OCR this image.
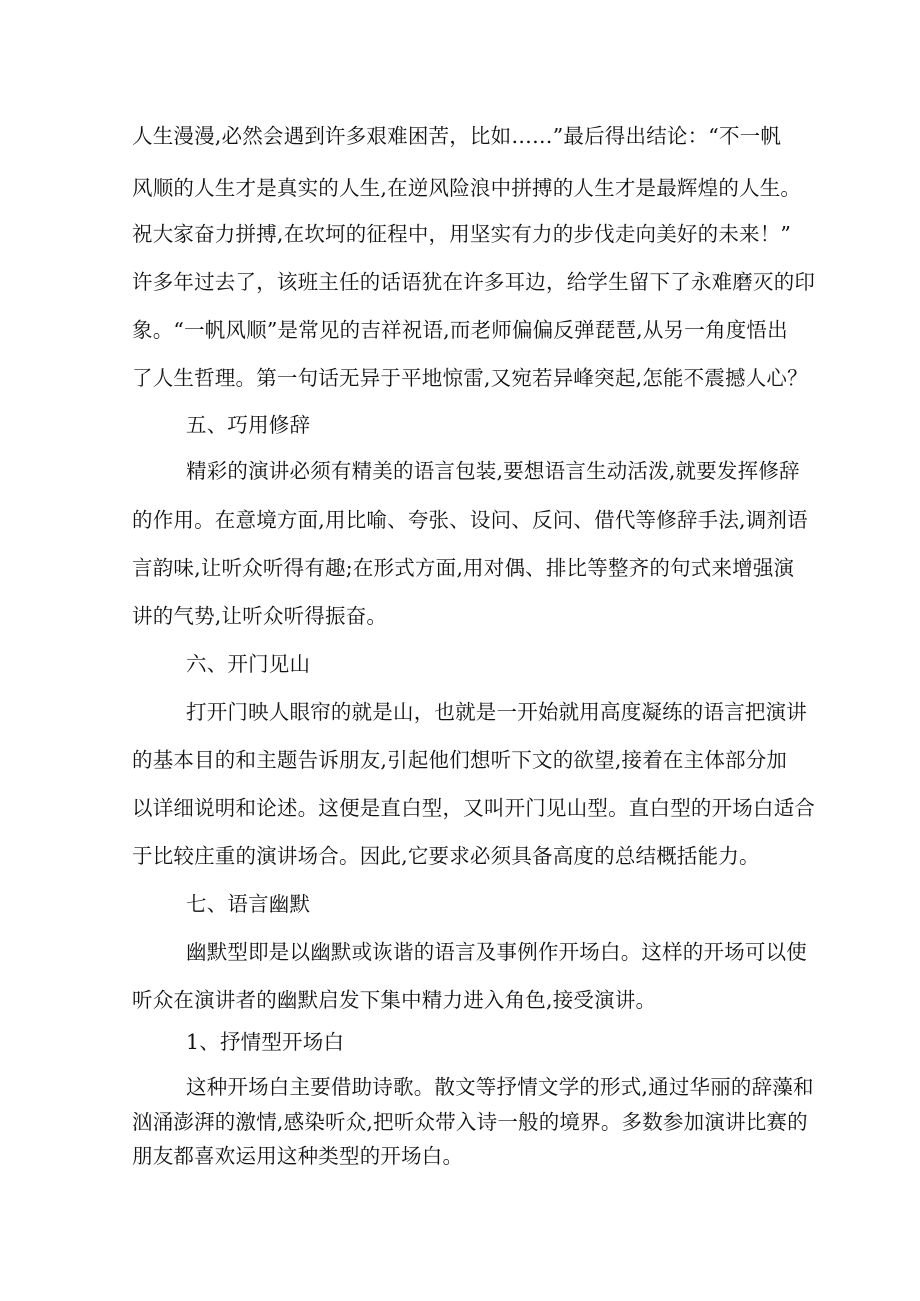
人生漫漫,必然会遇到许多艰难困苦，比如……”最后得出结论：“不一帆
风顺的人生才是真实的人生,在逆风险浪中拼搏的人生才是最辉煌的人生。
祝大家奋力拼搏,在坎坷的征程中，用坚实有力的步伐走向美好的未来！”
许多年过去了，该班主任的话语犹在许多耳边，给学生留下了永难磨灭的印
象。“一帆风顺”是常见的吉祥祝语,而老师偏偏反弹琵琶,从另一角度悟出
了人生哲理。第一句话无异于平地惊雷,又宛若异峰突起,怎能不震撼人心？
五、巧用修辞
精彩的演讲必须有精美的语言包装,要想语言生动活泼,就要发挥修辞
的作用。在意境方面,用比喻、夸张、设问、反问、借代等修辞手法,调剂语
言韵味,让听众听得有趣;在形式方面,用对偶、排比等整齐的句式来增强演
讲的气势,让听众听得振奋。
六、开门见山
打开门映人眼帘的就是山，也就是一开始就用高度凝练的语言把演讲
的基本目的和主题告诉朋友,引起他们想听下文的欲望,接着在主体部分加
以详细说明和论述。这便是直白型，又叫开门见山型。直白型的开场白适合
于比较庄重的演讲场合。因此,它要求必须具备高度的总结概括能力。
七、语言幽默
幽默型即是以幽默或诙谐的语言及事例作开场白。这样的开场可以使
听众在演讲者的幽默启发下集中精力进入角色,接受演讲。
1、抒情型开场白
这种开场白主要借助诗歌。散文等抒情文学的形式,通过华丽的辞藻和
汹涌澎湃的激情,感染听众,把听众带入诗一般的境界。多数参加演讲比赛的
朋友都喜欢运用这种类型的开场白。
